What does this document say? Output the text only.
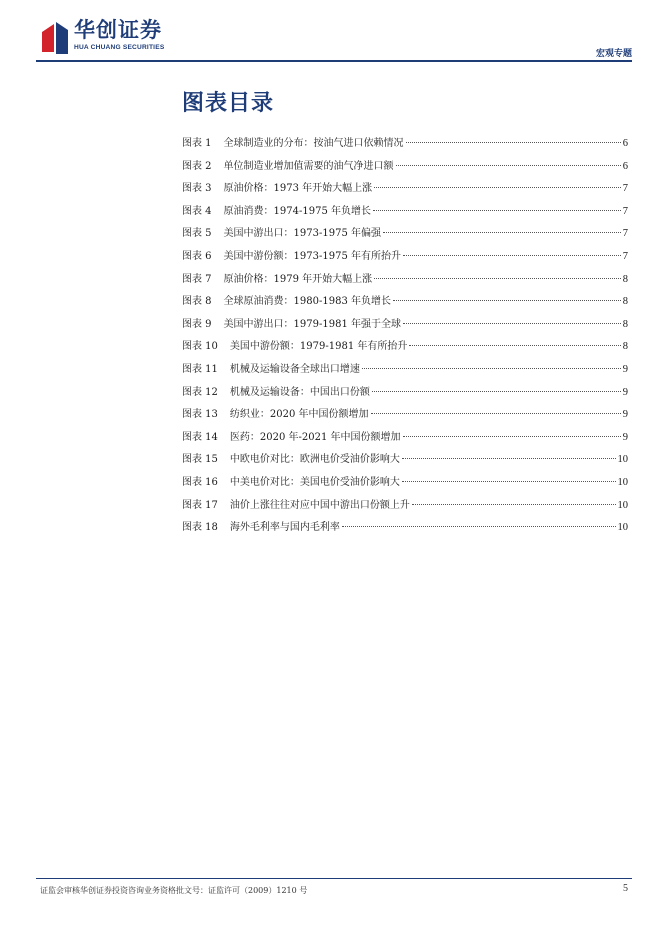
华创证券
HUA CHUANG SECURITIES
宏观专题
图表目录
图表 1 全球制造业的分布：按油气进口依赖情况	6
图表 2 单位制造业增加值需要的油气净进口额	6
图表 3 原油价格：1973 年开始大幅上涨	7
图表 4 原油消费：1974-1975 年负增长	7
图表 5 美国中游出口：1973-1975 年偏强	7
图表 6 美国中游份额：1973-1975 年有所抬升	7
图表 7 原油价格：1979 年开始大幅上涨	8
图表 8 全球原油消费：1980-1983 年负增长	8
图表 9 美国中游出口：1979-1981 年强于全球	8
图表 10 美国中游份额：1979-1981 年有所抬升	8
图表 11 机械及运输设备全球出口增速	9
图表 12 机械及运输设备：中国出口份额	9
图表 13 纺织业：2020 年中国份额增加	9
图表 14 医药：2020 年-2021 年中国份额增加	9
图表 15 中欧电价对比：欧洲电价受油价影响大	10
图表 16 中美电价对比：美国电价受油价影响大	10
图表 17 油价上涨往往对应中国中游出口份额上升	10
图表 18 海外毛利率与国内毛利率	10
证监会审核华创证券投资咨询业务资格批文号：证监许可（2009）1210 号	5
